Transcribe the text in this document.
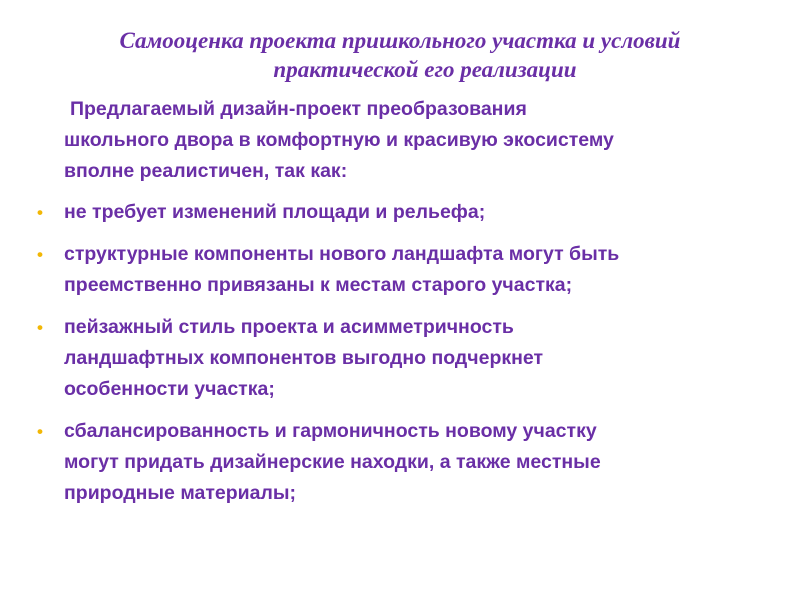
Самооценка проекта пришкольного участка и условий
практической его реализации
Предлагаемый дизайн-проект преобразования
школьного двора в комфортную и красивую экосистему
вполне реалистичен, так как:
• не требует изменений площади и рельефа;
• структурные компоненты нового ландшафта могут быть
преемственно привязаны к местам старого участка;
• пейзажный стиль проекта и асимметричность
ландшафтных компонентов выгодно подчеркнет
особенности участка;
• сбалансированность и гармоничность новому участку
могут придать дизайнерские находки, а также местные
природные материалы;
